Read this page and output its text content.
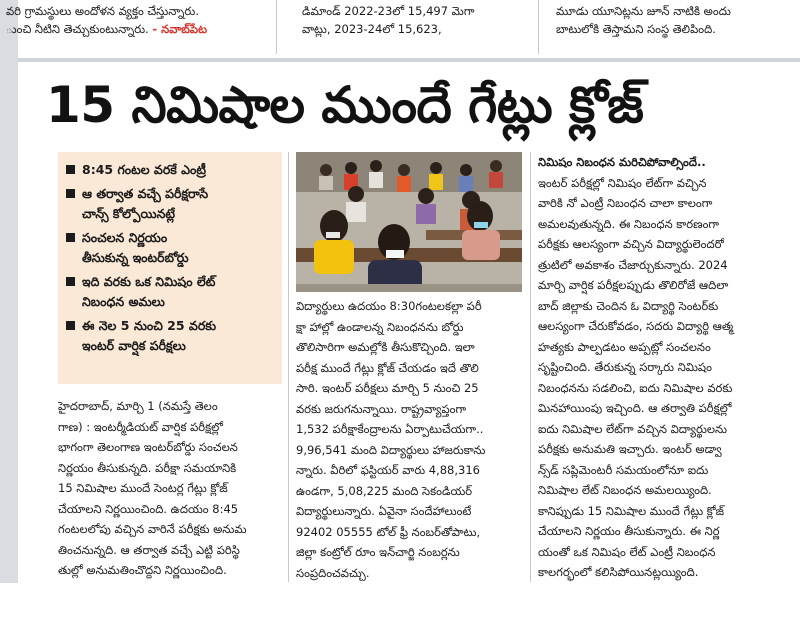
వరి గ్రామస్థులు అందోళన వ్యక్తం చేస్తున్నారు.
ుంచి నీటిని తెచ్చుకుంటున్నారు. - నవాబ్‌పేట
డిమాండ్ 2022-23లో 15,497 మెగా
వాట్లు, 2023-24లో 15,623,
మూడు యూనిట్లను జూన్ నాటికి అందు
బాటులోకి తెస్తామని సంస్థ తెలిపింది.
15 నిమిషాల ముందే గేట్లు క్లోజ్
8:45 గంటల వరకే ఎంట్రీ
ఆ తర్వాత వచ్చే పరీక్షరాసే
చాన్స్ కోల్పోయినట్లే
సంచలన నిర్ణయం
తీసుకున్న ఇంటర్‌బోర్డు
ఇది వరకు ఒక నిమిషం లేట్
నిబంధన అమలు
ఈ నెల 5 నుంచి 25 వరకు
ఇంటర్ వార్షిక పరీక్షలు
హైదరాబాద్, మార్చి 1 (నమస్తే తెలం
గాణ) : ఇంటర్మీడియట్ వార్షిక పరీక్షల్లో
భాగంగా తెలంగాణ ఇంటర్‌బోర్డు సంచలన
నిర్ణయం తీసుకున్నది. పరీక్షా సమయానికి
15 నిమిషాల ముందే సెంటర్ల గేట్లు క్లోజ్
చేయాలని నిర్ణయించింది. ఉదయం 8:45
గంటలలోపు వచ్చిన వారినే పరీక్షకు అనుమ
తించనున్నది. ఆ తర్వాత వచ్చే ఎట్టి పరిస్థి
తుల్లో అనుమతించొద్దని నిర్ణయించింది.
విద్యార్థులు ఉదయం 8:30గంటలకల్లా పరీ
క్షా హాల్లో ఉండాలన్న నిబంధనను బోర్డు
తొలిసారిగా అమల్లోకి తీసుకొచ్చింది. ఇలా
పరీక్ష ముందే గేట్లు క్లోజ్ చేయడం ఇదే తొలి
సారి. ఇంటర్ పరీక్షలు మార్చి 5 నుంచి 25
వరకు జరుగనున్నాయి. రాష్ట్రవ్యాప్తంగా
1,532 పరీక్షాకేంద్రాలను ఏర్పాటుచేయగా..
9,96,541 మంది విద్యార్థులు హాజరుకాను
న్నారు. వీరిలో ఫస్టియర్ వారు 4,88,316
ఉండగా, 5,08,225 మంది సెకండియర్
విద్యార్థులున్నారు. ఏవైనా సందేహాలుంటే
92402 05555 టోల్ ఫ్రీ నంబర్‌తోపాటు,
జిల్లా కంట్రోల్ రూం ఇన్‌చార్జి నంబర్లను
సంప్రదించవచ్చు.
నిమిషం నిబంధన మరిచిపోవాల్సిందే..
ఇంటర్ పరీక్షల్లో నిమిషం లేట్‌గా వచ్చిన
వారికి నో ఎంట్రీ నిబంధన చాలా కాలంగా
అమలవుతున్నది. ఈ నిబంధన కారణంగా
పరీక్షకు ఆలస్యంగా వచ్చిన విద్యార్థులెందరో
త్రుటిలో అవకాశం చేజార్చుకున్నారు. 2024
మార్చి వార్షిక పరీక్షలప్పుడు తొలిరోజే ఆదిలా
బాద్ జిల్లాకు చెందిన ఓ విద్యార్థి సెంటర్‌కు
ఆలస్యంగా చేరుకోవడం, సదరు విద్యార్థి ఆత్మ
హత్యకు పాల్పడటం అప్పట్లో సంచలనం
సృష్టించింది. తేరుకున్న సర్కారు నిమిషం
నిబంధనను సడలించి, ఐదు నిమిషాల వరకు
మినహాయింపు ఇచ్చింది. ఆ తర్వాతి పరీక్షల్లో
ఐదు నిమిషాల లేట్‌గా వచ్చిన విద్యార్థులను
పరీక్షకు అనుమతి ఇచ్చారు. ఇంటర్ అడ్వా
న్స్‌డ్ సప్లిమెంటరీ సమయంలోనూ ఐదు
నిమిషాల లేట్ నిబంధన అమలయ్యింది.
కానిప్పుడు 15 నిమిషాల ముందే గేట్లు క్లోజ్
చేయాలని నిర్ణయం తీసుకున్నారు. ఈ నిర్ణ
యంతో ఒక నిమిషం లేట్ ఎంట్రీ నిబంధన
కాలగర్భంలో కలిసిపోయినట్లయ్యింది.
